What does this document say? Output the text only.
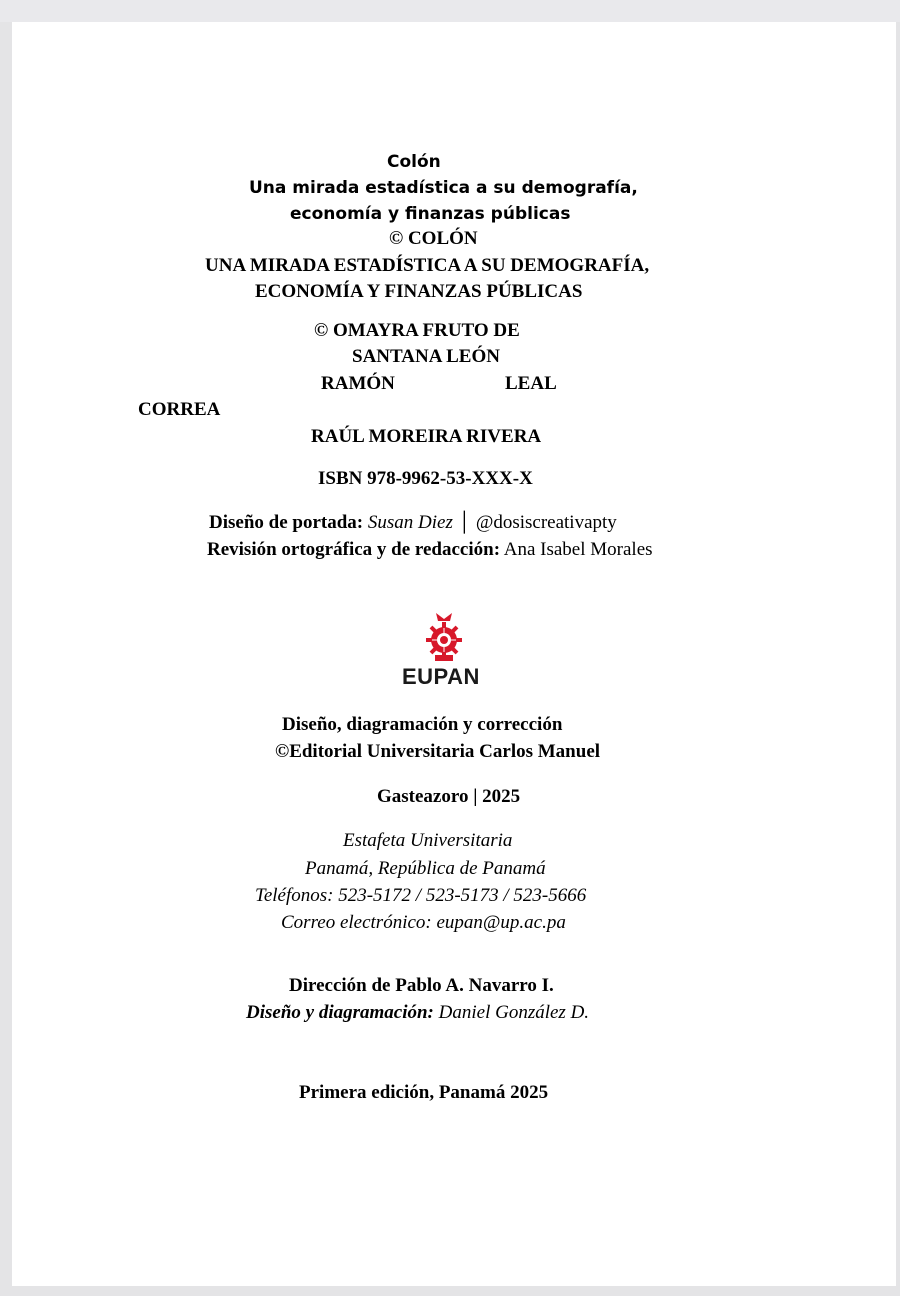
Colón
Una mirada estadística a su demografía,
economía y finanzas públicas
© COLÓN
UNA MIRADA ESTADÍSTICA A SU DEMOGRAFÍA,
ECONOMÍA Y FINANZAS PÚBLICAS
© OMAYRA FRUTO DE
SANTANA LEÓN
RAMÓN	LEAL
CORREA
RAÚL MOREIRA RIVERA
ISBN 978-9962-53-XXX-X
Diseño de portada: Susan Diez │ @dosiscreativapty
Revisión ortográfica y de redacción: Ana Isabel Morales
EUPAN
Diseño, diagramación y corrección
©Editorial Universitaria Carlos Manuel
Gasteazoro | 2025
Estafeta Universitaria
Panamá, República de Panamá
Teléfonos: 523-5172 / 523-5173 / 523-5666
Correo electrónico: eupan@up.ac.pa
Dirección de Pablo A. Navarro I.
Diseño y diagramación: Daniel González D.
Primera edición, Panamá 2025
